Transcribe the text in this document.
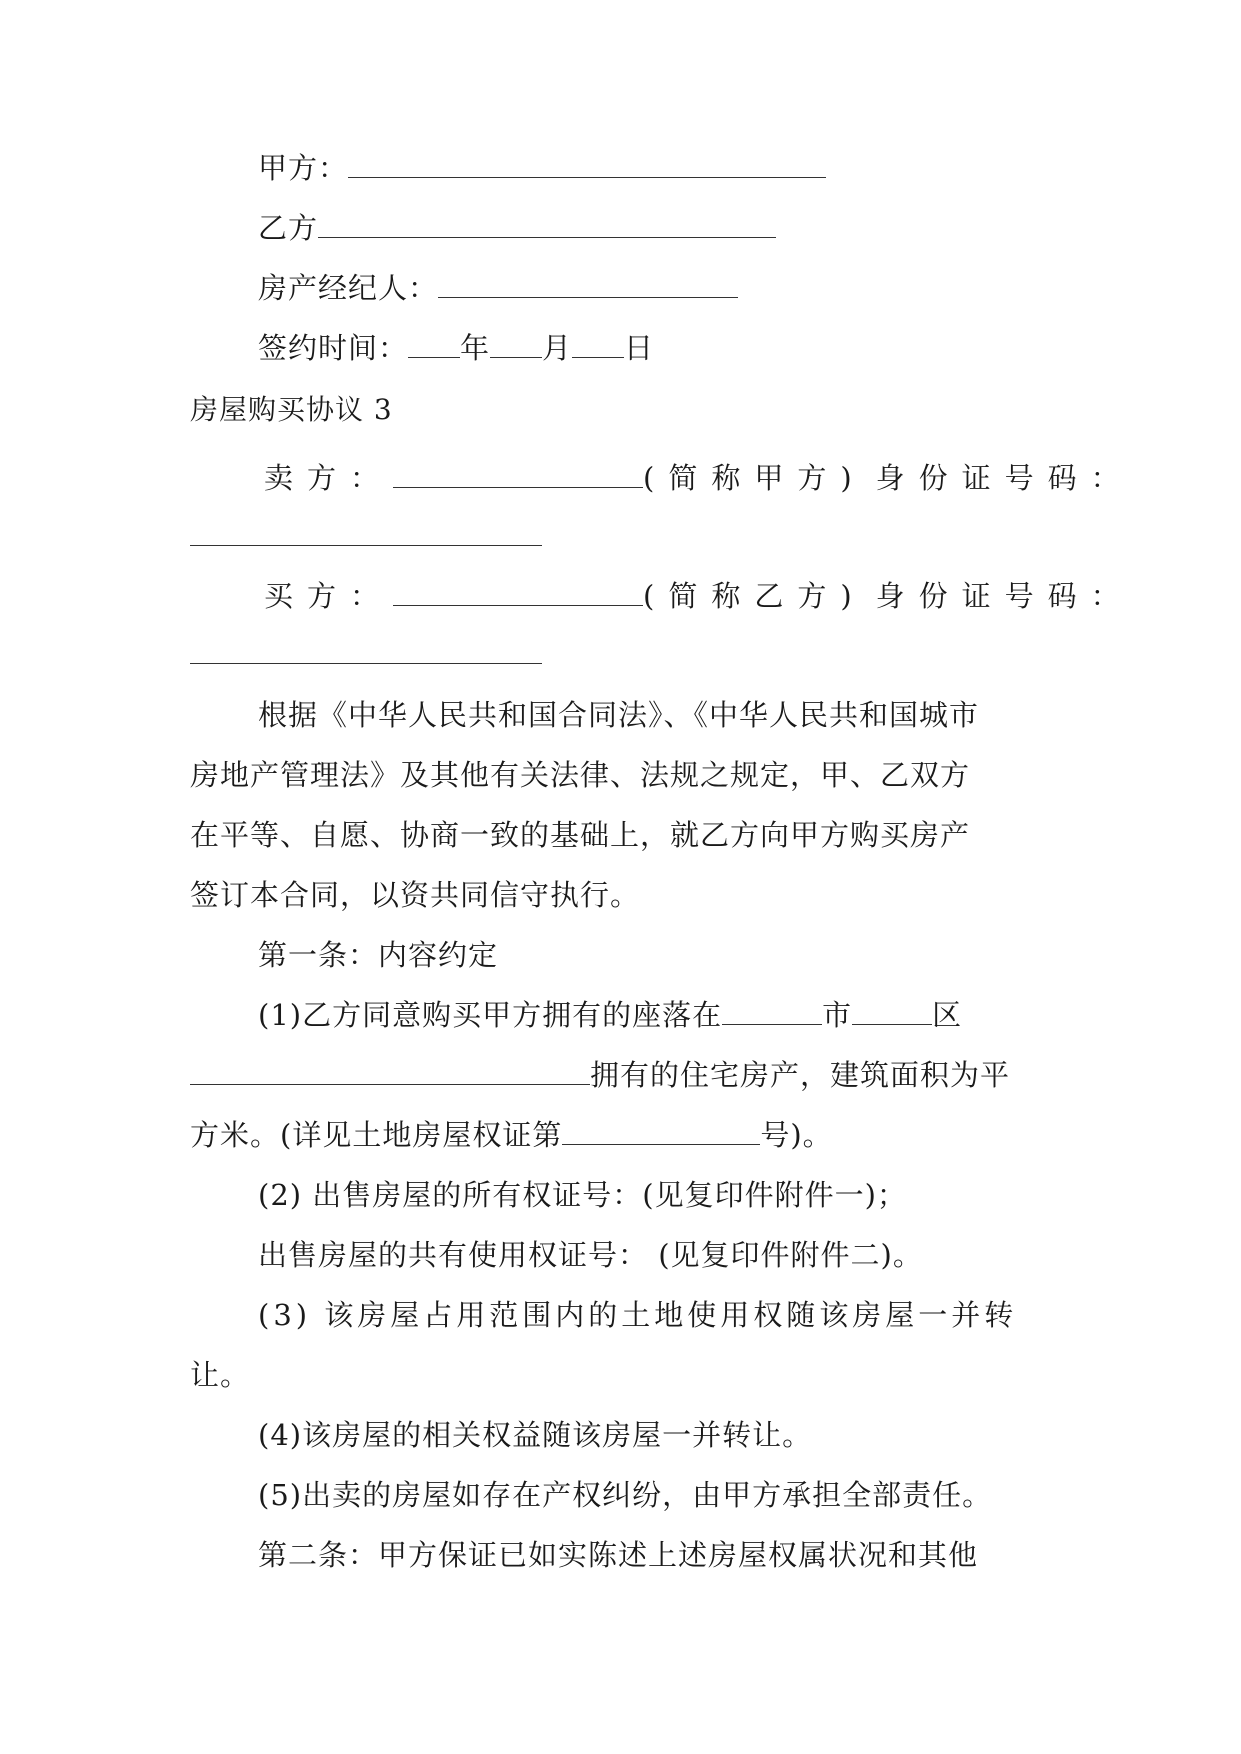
甲方：
乙方
房产经纪人：
签约时间： 年 月 日
房屋购买协议 3
卖方：	(简称甲方) 身份证号码：
买方：	(简称乙方) 身份证号码：
根据《中华人民共和国合同法》、《中华人民共和国城市
房地产管理法》及其他有关法律、法规之规定，甲、乙双方
在平等、自愿、协商一致的基础上，就乙方向甲方购买房产
签订本合同，以资共同信守执行。
第一条：内容约定
(1)乙方同意购买甲方拥有的座落在	市	区
拥有的住宅房产，建筑面积为平
方米。(详见土地房屋权证第	号)。
(2) 出售房屋的所有权证号：(见复印件附件一)；
出售房屋的共有使用权证号： (见复印件附件二)。
(3) 该房屋占用范围内的土地使用权随该房屋一并转
让。
(4)该房屋的相关权益随该房屋一并转让。
(5)出卖的房屋如存在产权纠纷，由甲方承担全部责任。
第二条：甲方保证已如实陈述上述房屋权属状况和其他
